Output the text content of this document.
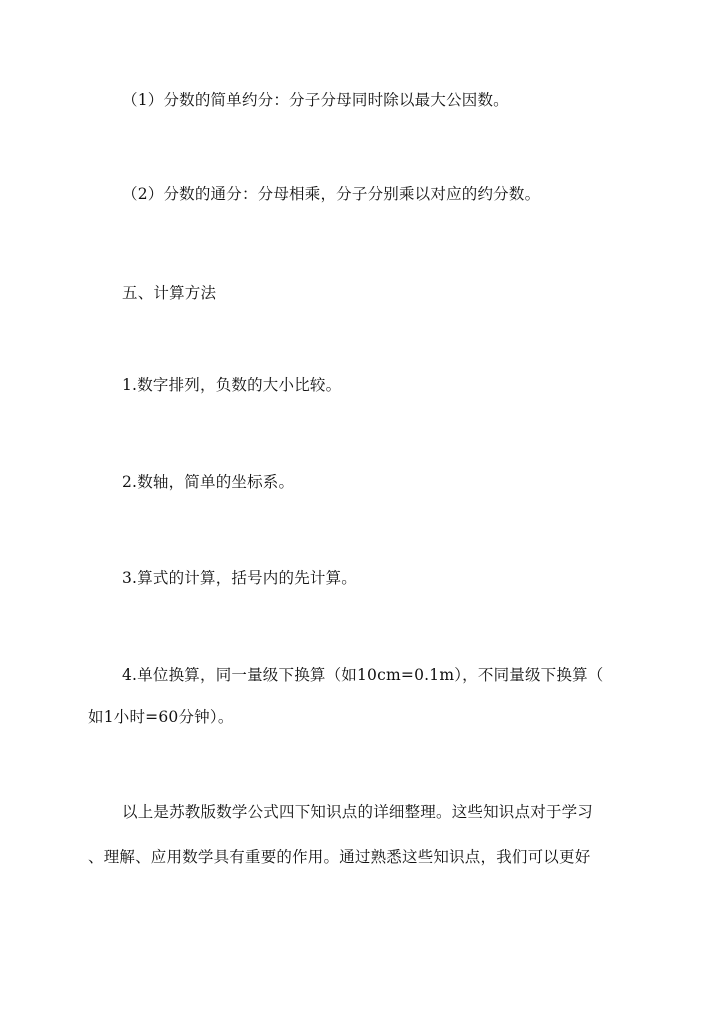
（1）分数的简单约分：分子分母同时除以最大公因数。
（2）分数的通分：分母相乘，分子分别乘以对应的约分数。
五、计算方法
1.数字排列，负数的大小比较。
2.数轴，简单的坐标系。
3.算式的计算，括号内的先计算。
4.单位换算，同一量级下换算（如10cm=0.1m），不同量级下换算（
如1小时=60分钟）。
以上是苏教版数学公式四下知识点的详细整理。这些知识点对于学习
、理解、应用数学具有重要的作用。通过熟悉这些知识点，我们可以更好
